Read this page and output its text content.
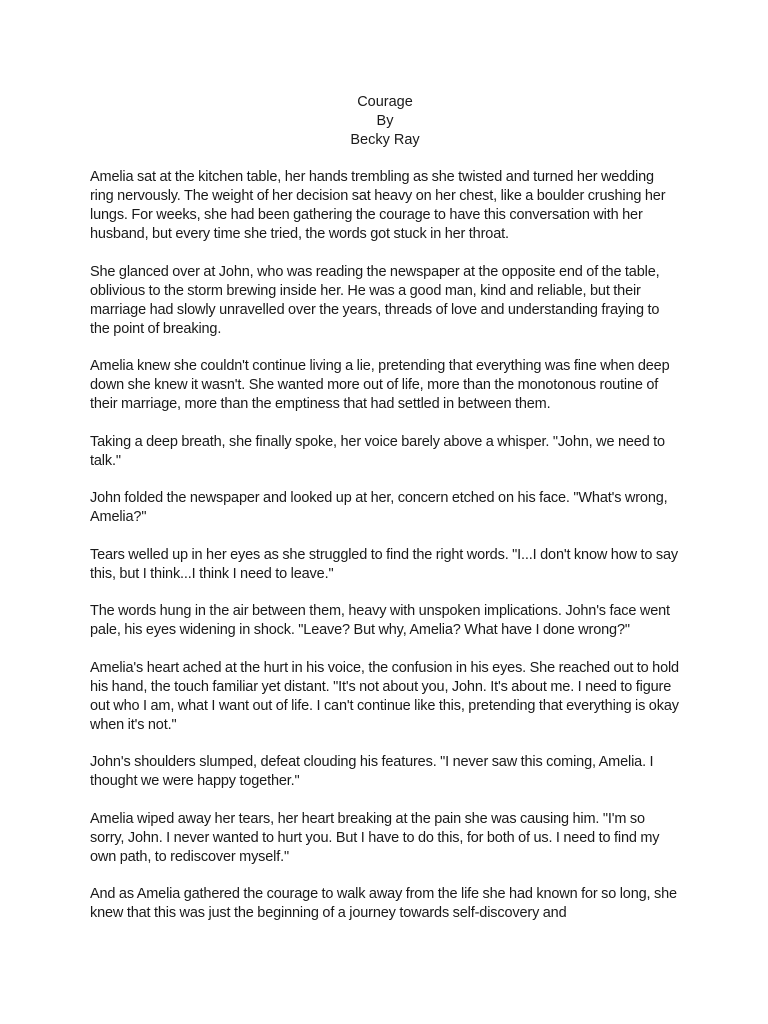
Courage
By
Becky Ray

Amelia sat at the kitchen table, her hands trembling as she twisted and turned her wedding ring nervously. The weight of her decision sat heavy on her chest, like a boulder crushing her lungs. For weeks, she had been gathering the courage to have this conversation with her husband, but every time she tried, the words got stuck in her throat.

She glanced over at John, who was reading the newspaper at the opposite end of the table, oblivious to the storm brewing inside her. He was a good man, kind and reliable, but their marriage had slowly unravelled over the years, threads of love and understanding fraying to the point of breaking.

Amelia knew she couldn't continue living a lie, pretending that everything was fine when deep down she knew it wasn't. She wanted more out of life, more than the monotonous routine of their marriage, more than the emptiness that had settled in between them.

Taking a deep breath, she finally spoke, her voice barely above a whisper. "John, we need to talk."

John folded the newspaper and looked up at her, concern etched on his face. "What's wrong, Amelia?"

Tears welled up in her eyes as she struggled to find the right words. "I...I don't know how to say this, but I think...I think I need to leave."

The words hung in the air between them, heavy with unspoken implications. John's face went pale, his eyes widening in shock. "Leave? But why, Amelia? What have I done wrong?"

Amelia's heart ached at the hurt in his voice, the confusion in his eyes. She reached out to hold his hand, the touch familiar yet distant. "It's not about you, John. It's about me. I need to figure out who I am, what I want out of life. I can't continue like this, pretending that everything is okay when it's not."

John's shoulders slumped, defeat clouding his features. "I never saw this coming, Amelia. I thought we were happy together."

Amelia wiped away her tears, her heart breaking at the pain she was causing him. "I'm so sorry, John. I never wanted to hurt you. But I have to do this, for both of us. I need to find my own path, to rediscover myself."

And as Amelia gathered the courage to walk away from the life she had known for so long, she knew that this was just the beginning of a journey towards self-discovery and
